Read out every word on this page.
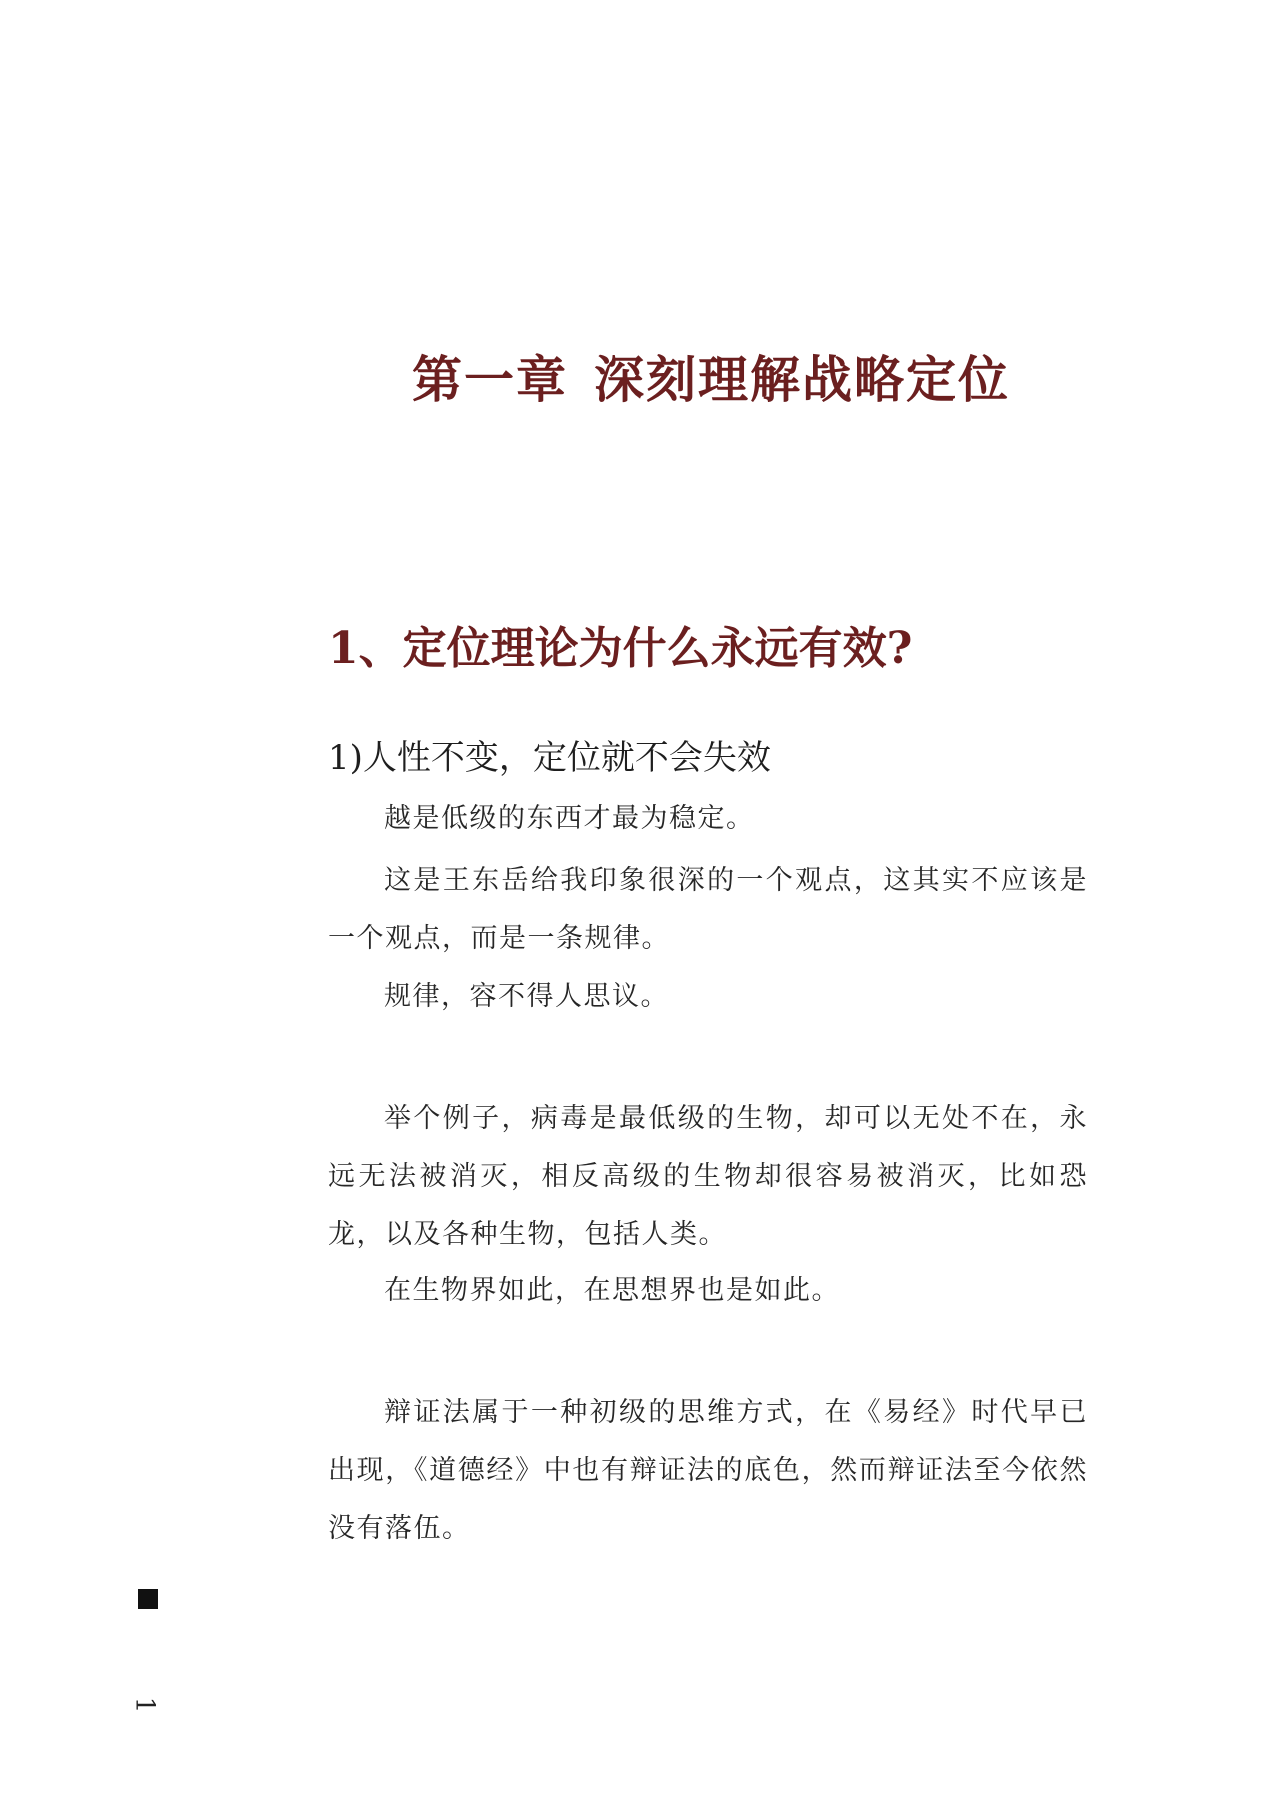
第一章 深刻理解战略定位
1、定位理论为什么永远有效?
1)人性不变，定位就不会失效

越是低级的东西才最为稳定。

这是王东岳给我印象很深的一个观点，这其实不应该是一个观点，而是一条规律。

规律，容不得人思议。

举个例子，病毒是最低级的生物，却可以无处不在，永远无法被消灭，相反高级的生物却很容易被消灭，比如恐龙，以及各种生物，包括人类。

在生物界如此，在思想界也是如此。

辩证法属于一种初级的思维方式，在《易经》时代早已出现，《道德经》中也有辩证法的底色，然而辩证法至今依然没有落伍。

1
